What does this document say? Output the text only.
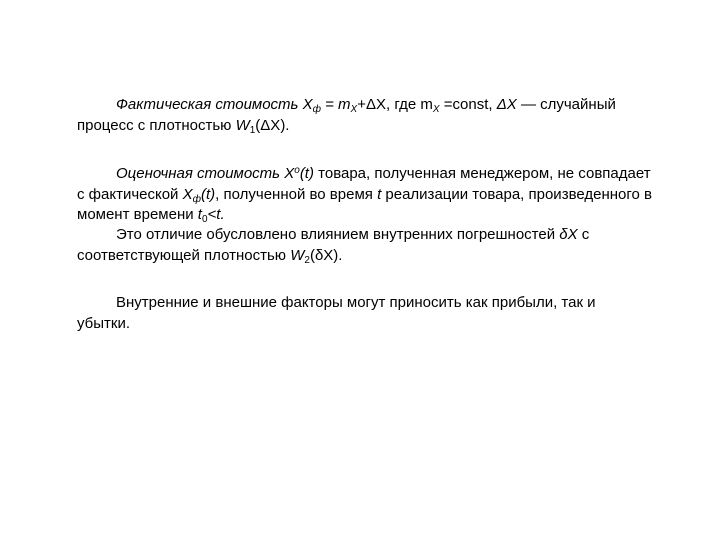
Фактическая стоимость $X_ф = m_X+\Delta X$, где $m_X$ =const, ΔX — случайный процесс с плотностью $W_1(\Delta X)$.

Оценочная стоимость $X^o(t)$ товара, полученная менеджером, не совпадает с фактической $X_ф(t)$, полученной во время t реализации товара, произведенного в момент времени $t_0<t$.

Это отличие обусловлено влиянием внутренних погрешностей δX с соответствующей плотностью $W_2(\delta X)$.

Внутренние и внешние факторы могут приносить как прибыли, так и убытки.
